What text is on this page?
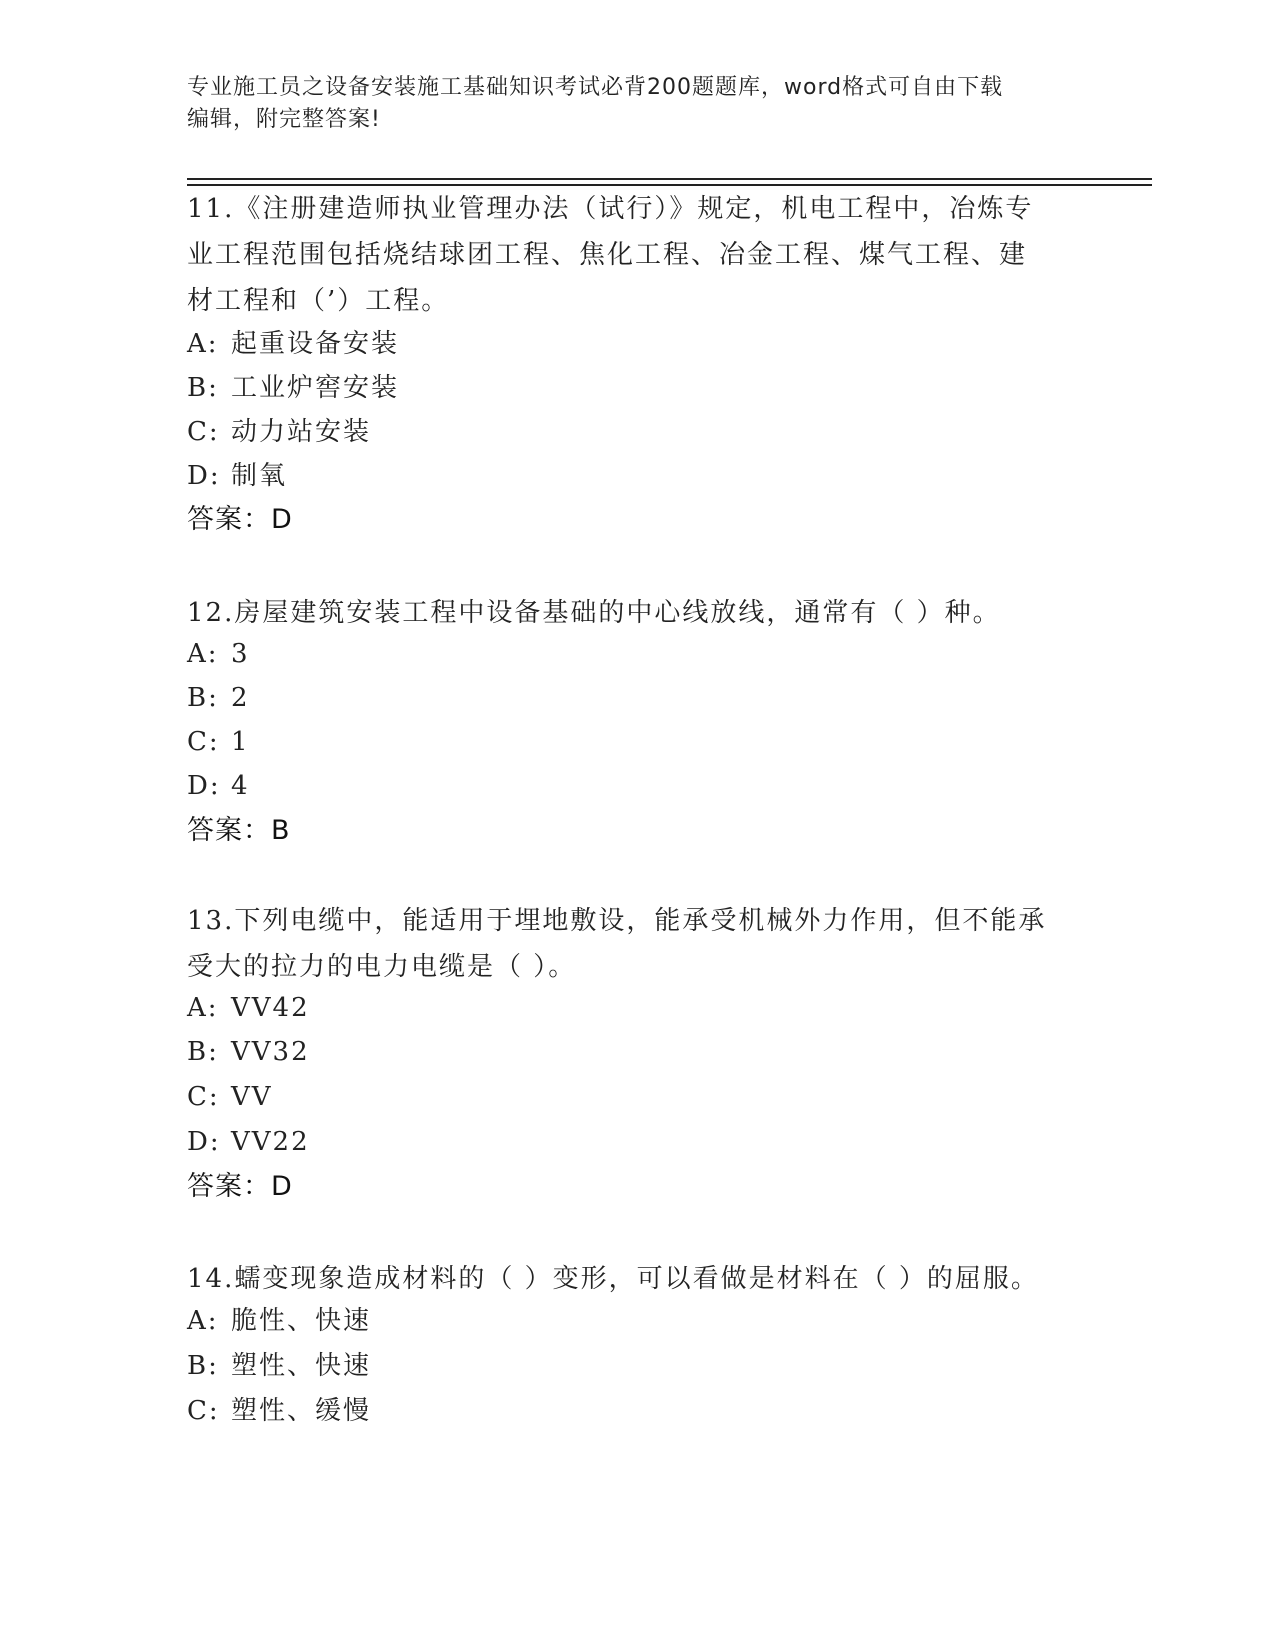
专业施工员之设备安装施工基础知识考试必背200题题库，word格式可自由下载
编辑，附完整答案!
11.《注册建造师执业管理办法（试行）》规定，机电工程中，冶炼专
业工程范围包括烧结球团工程、焦化工程、冶金工程、煤气工程、建
材工程和（’）工程。
A: 起重设备安装
B: 工业炉窖安装
C: 动力站安装
D: 制氧
答案：D
12.房屋建筑安装工程中设备基础的中心线放线，通常有（ ）种。
A: 3
B: 2
C: 1
D: 4
答案：B
13.下列电缆中，能适用于埋地敷设，能承受机械外力作用，但不能承
受大的拉力的电力电缆是（ ）。
A: VV42
B: VV32
C: VV
D: VV22
答案：D
14.蠕变现象造成材料的（ ）变形，可以看做是材料在（ ）的屈服。
A: 脆性、快速
B: 塑性、快速
C: 塑性、缓慢
